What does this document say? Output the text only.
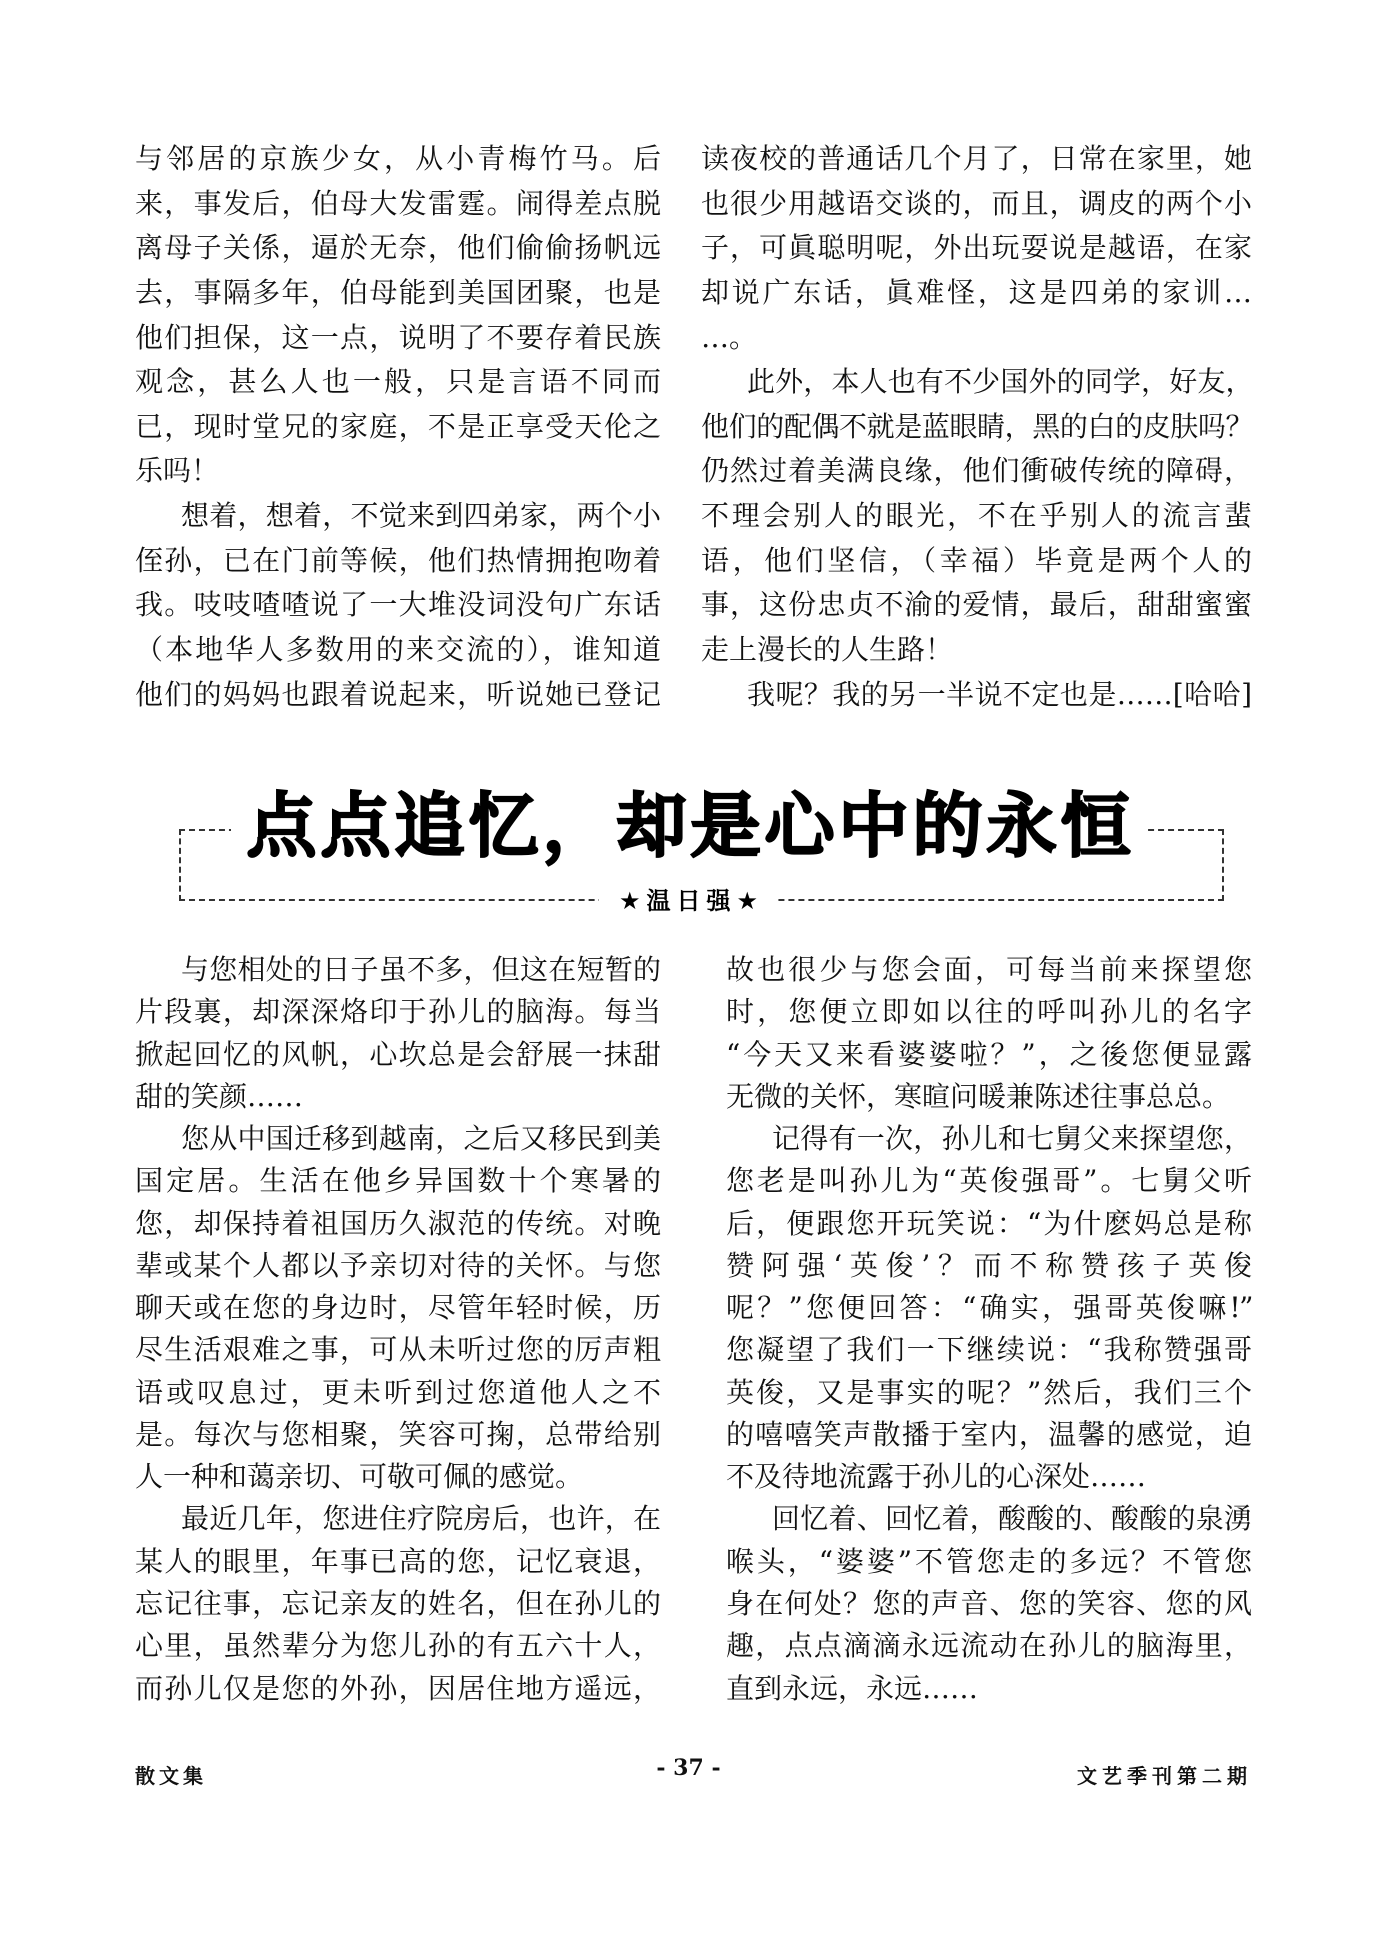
与邻居的京族少女，从小青梅竹马。后
来，事发后，伯母大发雷霆。闹得差点脱
离母子关係，逼於无奈，他们偷偷扬帆远
去，事隔多年，伯母能到美国团聚，也是
他们担保，这一点，说明了不要存着民族
观念，甚么人也一般，只是言语不同而
已，现时堂兄的家庭，不是正享受天伦之
乐吗！
想着，想着，不觉来到四弟家，两个小
侄孙，已在门前等候，他们热情拥抱吻着
我。吱吱喳喳说了一大堆没词没句广东话
（本地华人多数用的来交流的），谁知道
他们的妈妈也跟着说起来，听说她已登记
读夜校的普通话几个月了，日常在家里，她
也很少用越语交谈的，而且，调皮的两个小
子，可眞聪明呢，外出玩耍说是越语，在家
却说广东话，眞难怪，这是四弟的家训…
…。
此外，本人也有不少国外的同学，好友，
他们的配偶不就是蓝眼睛，黑的白的皮肤吗？
仍然过着美满良缘，他们衝破传统的障碍，
不理会别人的眼光，不在乎别人的流言蜚
语，他们坚信，（幸福）毕竟是两个人的
事，这份忠贞不渝的爱情，最后，甜甜蜜蜜
走上漫长的人生路！
我呢？我的另一半说不定也是……[哈哈]
点点追忆，却是心中的永恒
★温日强★
与您相处的日子虽不多，但这在短暂的
片段裏，却深深烙印于孙儿的脑海。每当
掀起回忆的风帆，心坎总是会舒展一抹甜
甜的笑颜……
您从中国迁移到越南，之后又移民到美
国定居。生活在他乡异国数十个寒暑的
您，却保持着祖国历久淑范的传统。对晚
辈或某个人都以予亲切对待的关怀。与您
聊天或在您的身边时，尽管年轻时候，历
尽生活艰难之事，可从未听过您的厉声粗
语或叹息过，更未听到过您道他人之不
是。每次与您相聚，笑容可掬，总带给别
人一种和蔼亲切、可敬可佩的感觉。
最近几年，您进住疗院房后，也许，在
某人的眼里，年事已高的您，记忆衰退，
忘记往事，忘记亲友的姓名，但在孙儿的
心里，虽然辈分为您儿孙的有五六十人，
而孙儿仅是您的外孙，因居住地方遥远，
故也很少与您会面，可每当前来探望您
时，您便立即如以往的呼叫孙儿的名字
“今天又来看婆婆啦？”，之後您便显露
无微的关怀，寒暄问暖兼陈述往事总总。
记得有一次，孙儿和七舅父来探望您，
您老是叫孙儿为“英俊强哥”。七舅父听
后，便跟您开玩笑说：“为什麽妈总是称
赞阿强‘英俊’？而不称赞孩子英俊
呢？”您便回答：“确实，强哥英俊嘛!”
您凝望了我们一下继续说：“我称赞强哥
英俊，又是事实的呢？”然后，我们三个
的嘻嘻笑声散播于室内，温馨的感觉，迫
不及待地流露于孙儿的心深处……
回忆着、回忆着，酸酸的、酸酸的泉湧
喉头，“婆婆”不管您走的多远？不管您
身在何处？您的声音、您的笑容、您的风
趣，点点滴滴永远流动在孙儿的脑海里，
直到永远，永远……
散文集	- 37 -	文艺季刊第二期
